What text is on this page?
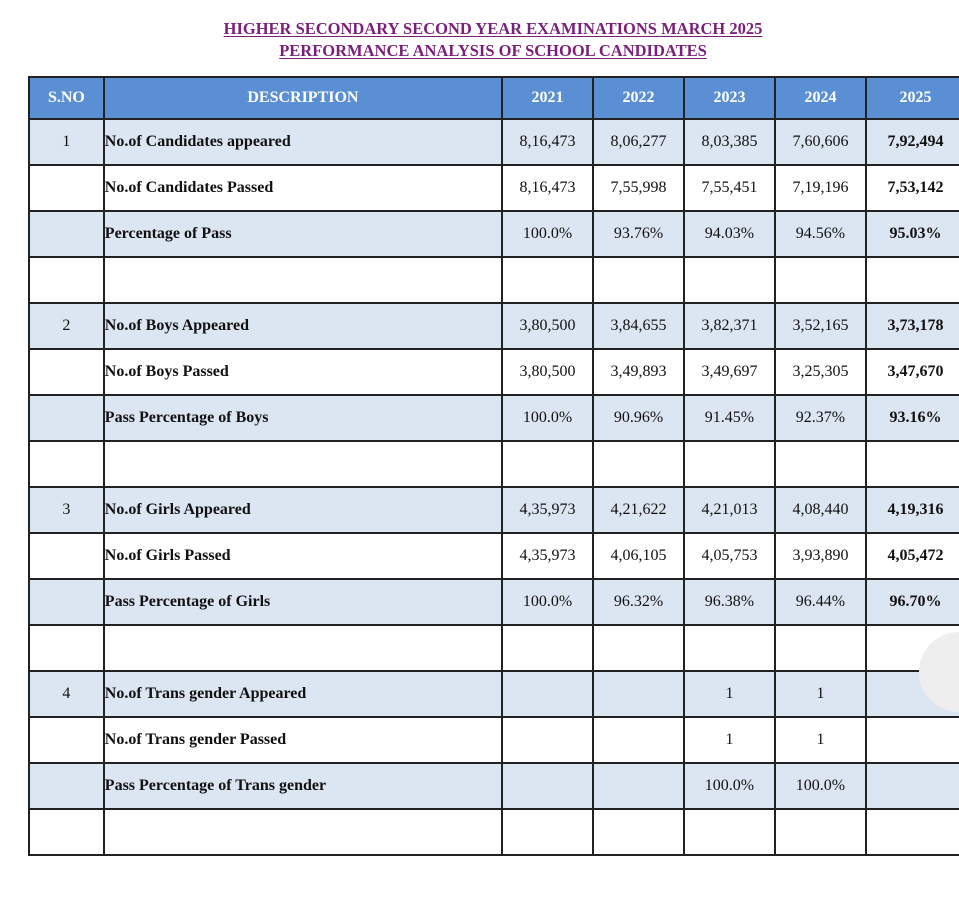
HIGHER SECONDARY SECOND YEAR EXAMINATIONS MARCH 2025
PERFORMANCE ANALYSIS OF SCHOOL CANDIDATES
S.NO	DESCRIPTION	2021	2022	2023	2024	2025
1	No.of Candidates appeared	8,16,473	8,06,277	8,03,385	7,60,606	7,92,494
	No.of Candidates Passed	8,16,473	7,55,998	7,55,451	7,19,196	7,53,142
	Percentage of Pass	100.0%	93.76%	94.03%	94.56%	95.03%

2	No.of Boys Appeared	3,80,500	3,84,655	3,82,371	3,52,165	3,73,178
	No.of Boys Passed	3,80,500	3,49,893	3,49,697	3,25,305	3,47,670
	Pass Percentage of Boys	100.0%	90.96%	91.45%	92.37%	93.16%

3	No.of Girls Appeared	4,35,973	4,21,622	4,21,013	4,08,440	4,19,316
	No.of Girls Passed	4,35,973	4,06,105	4,05,753	3,93,890	4,05,472
	Pass Percentage of Girls	100.0%	96.32%	96.38%	96.44%	96.70%

4	No.of Trans gender Appeared			1	1	
	No.of Trans gender Passed			1	1	
	Pass Percentage of Trans gender			100.0%	100.0%	
